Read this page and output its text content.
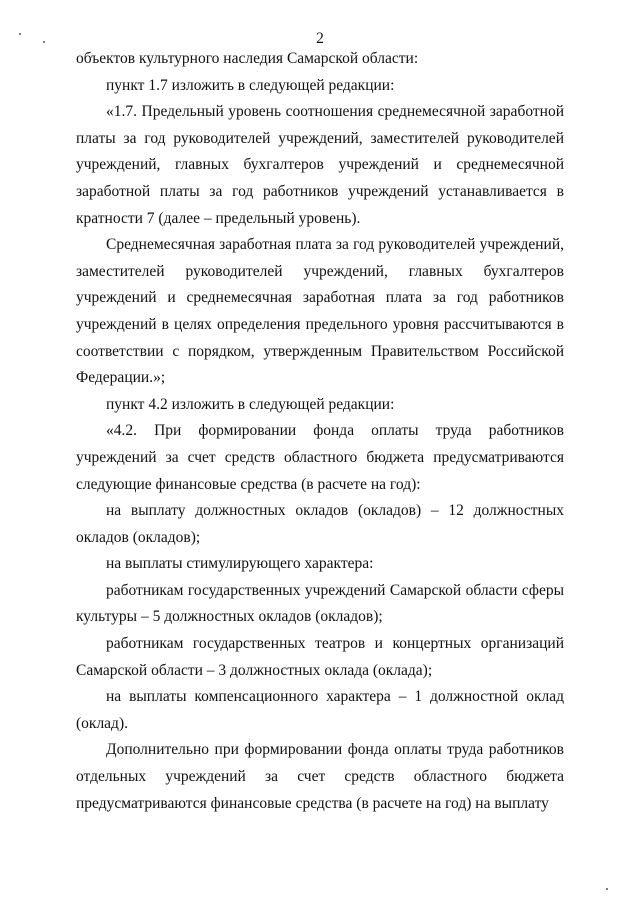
2

объектов культурного наследия Самарской области:

пункт 1.7 изложить в следующей редакции:

«1.7. Предельный уровень соотношения среднемесячной заработной платы за год руководителей учреждений, заместителей руководителей учреждений, главных бухгалтеров учреждений и среднемесячной заработной платы за год работников учреждений устанавливается в кратности 7 (далее – предельный уровень).

Среднемесячная заработная плата за год руководителей учреждений, заместителей руководителей учреждений, главных бухгалтеров учреждений и среднемесячная заработная плата за год работников учреждений в целях определения предельного уровня рассчитываются в соответствии с порядком, утвержденным Правительством Российской Федерации.»;

пункт 4.2 изложить в следующей редакции:

«4.2. При формировании фонда оплаты труда работников учреждений за счет средств областного бюджета предусматриваются следующие финансовые средства (в расчете на год):

на выплату должностных окладов (окладов) – 12 должностных окладов (окладов);

на выплаты стимулирующего характера:

работникам государственных учреждений Самарской области сферы культуры – 5 должностных окладов (окладов);

работникам государственных театров и концертных организаций Самарской области – 3 должностных оклада (оклада);

на выплаты компенсационного характера – 1 должностной оклад (оклад).

Дополнительно при формировании фонда оплаты труда работников отдельных учреждений за счет средств областного бюджета предусматриваются финансовые средства (в расчете на год) на выплату
